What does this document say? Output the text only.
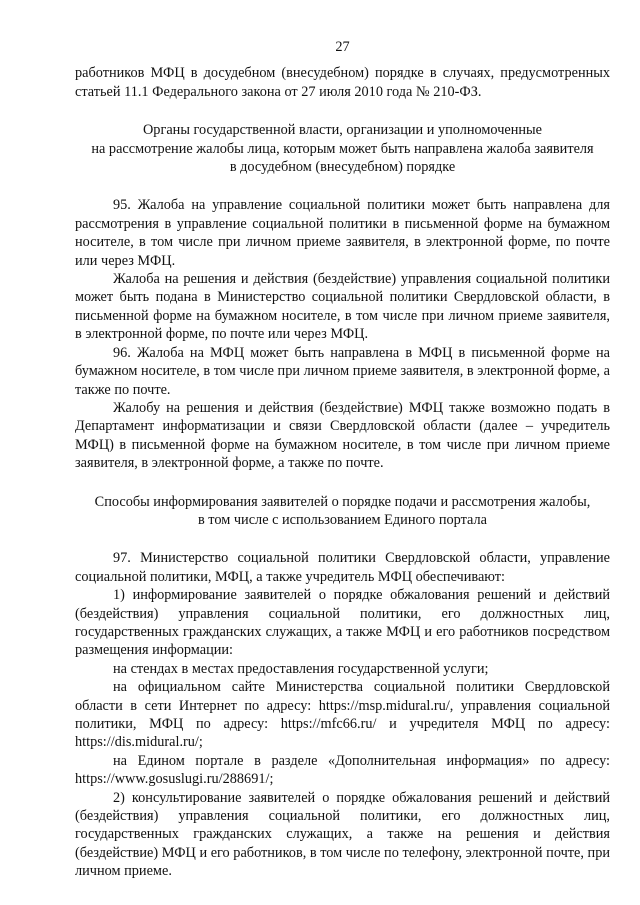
27

работников МФЦ в досудебном (внесудебном) порядке в случаях, предусмотренных статьей 11.1 Федерального закона от 27 июля 2010 года № 210-ФЗ.

Органы государственной власти, организации и уполномоченные
на рассмотрение жалобы лица, которым может быть направлена жалоба заявителя
в досудебном (внесудебном) порядке

95. Жалоба на управление социальной политики может быть направлена для рассмотрения в управление социальной политики в письменной форме на бумажном носителе, в том числе при личном приеме заявителя, в электронной форме, по почте или через МФЦ.

Жалоба на решения и действия (бездействие) управления социальной политики может быть подана в Министерство социальной политики Свердловской области, в письменной форме на бумажном носителе, в том числе при личном приеме заявителя, в электронной форме, по почте или через МФЦ.

96. Жалоба на МФЦ может быть направлена в МФЦ в письменной форме на бумажном носителе, в том числе при личном приеме заявителя, в электронной форме, а также по почте.

Жалобу на решения и действия (бездействие) МФЦ также возможно подать в Департамент информатизации и связи Свердловской области (далее – учредитель МФЦ) в письменной форме на бумажном носителе, в том числе при личном приеме заявителя, в электронной форме, а также по почте.

Способы информирования заявителей о порядке подачи и рассмотрения жалобы,
в том числе с использованием Единого портала

97. Министерство социальной политики Свердловской области, управление социальной политики, МФЦ, а также учредитель МФЦ обеспечивают:

1) информирование заявителей о порядке обжалования решений и действий (бездействия) управления социальной политики, его должностных лиц, государственных гражданских служащих, а также МФЦ и его работников посредством размещения информации:

на стендах в местах предоставления государственной услуги;

на официальном сайте Министерства социальной политики Свердловской области в сети Интернет по адресу: https://msp.midural.ru/, управления социальной политики, МФЦ по адресу: https://mfc66.ru/ и учредителя МФЦ по адресу: https://dis.midural.ru/;

на Едином портале в разделе «Дополнительная информация» по адресу: https://www.gosuslugi.ru/288691/;

2) консультирование заявителей о порядке обжалования решений и действий (бездействия) управления социальной политики, его должностных лиц, государственных гражданских служащих, а также на решения и действия (бездействие) МФЦ и его работников, в том числе по телефону, электронной почте, при личном приеме.
